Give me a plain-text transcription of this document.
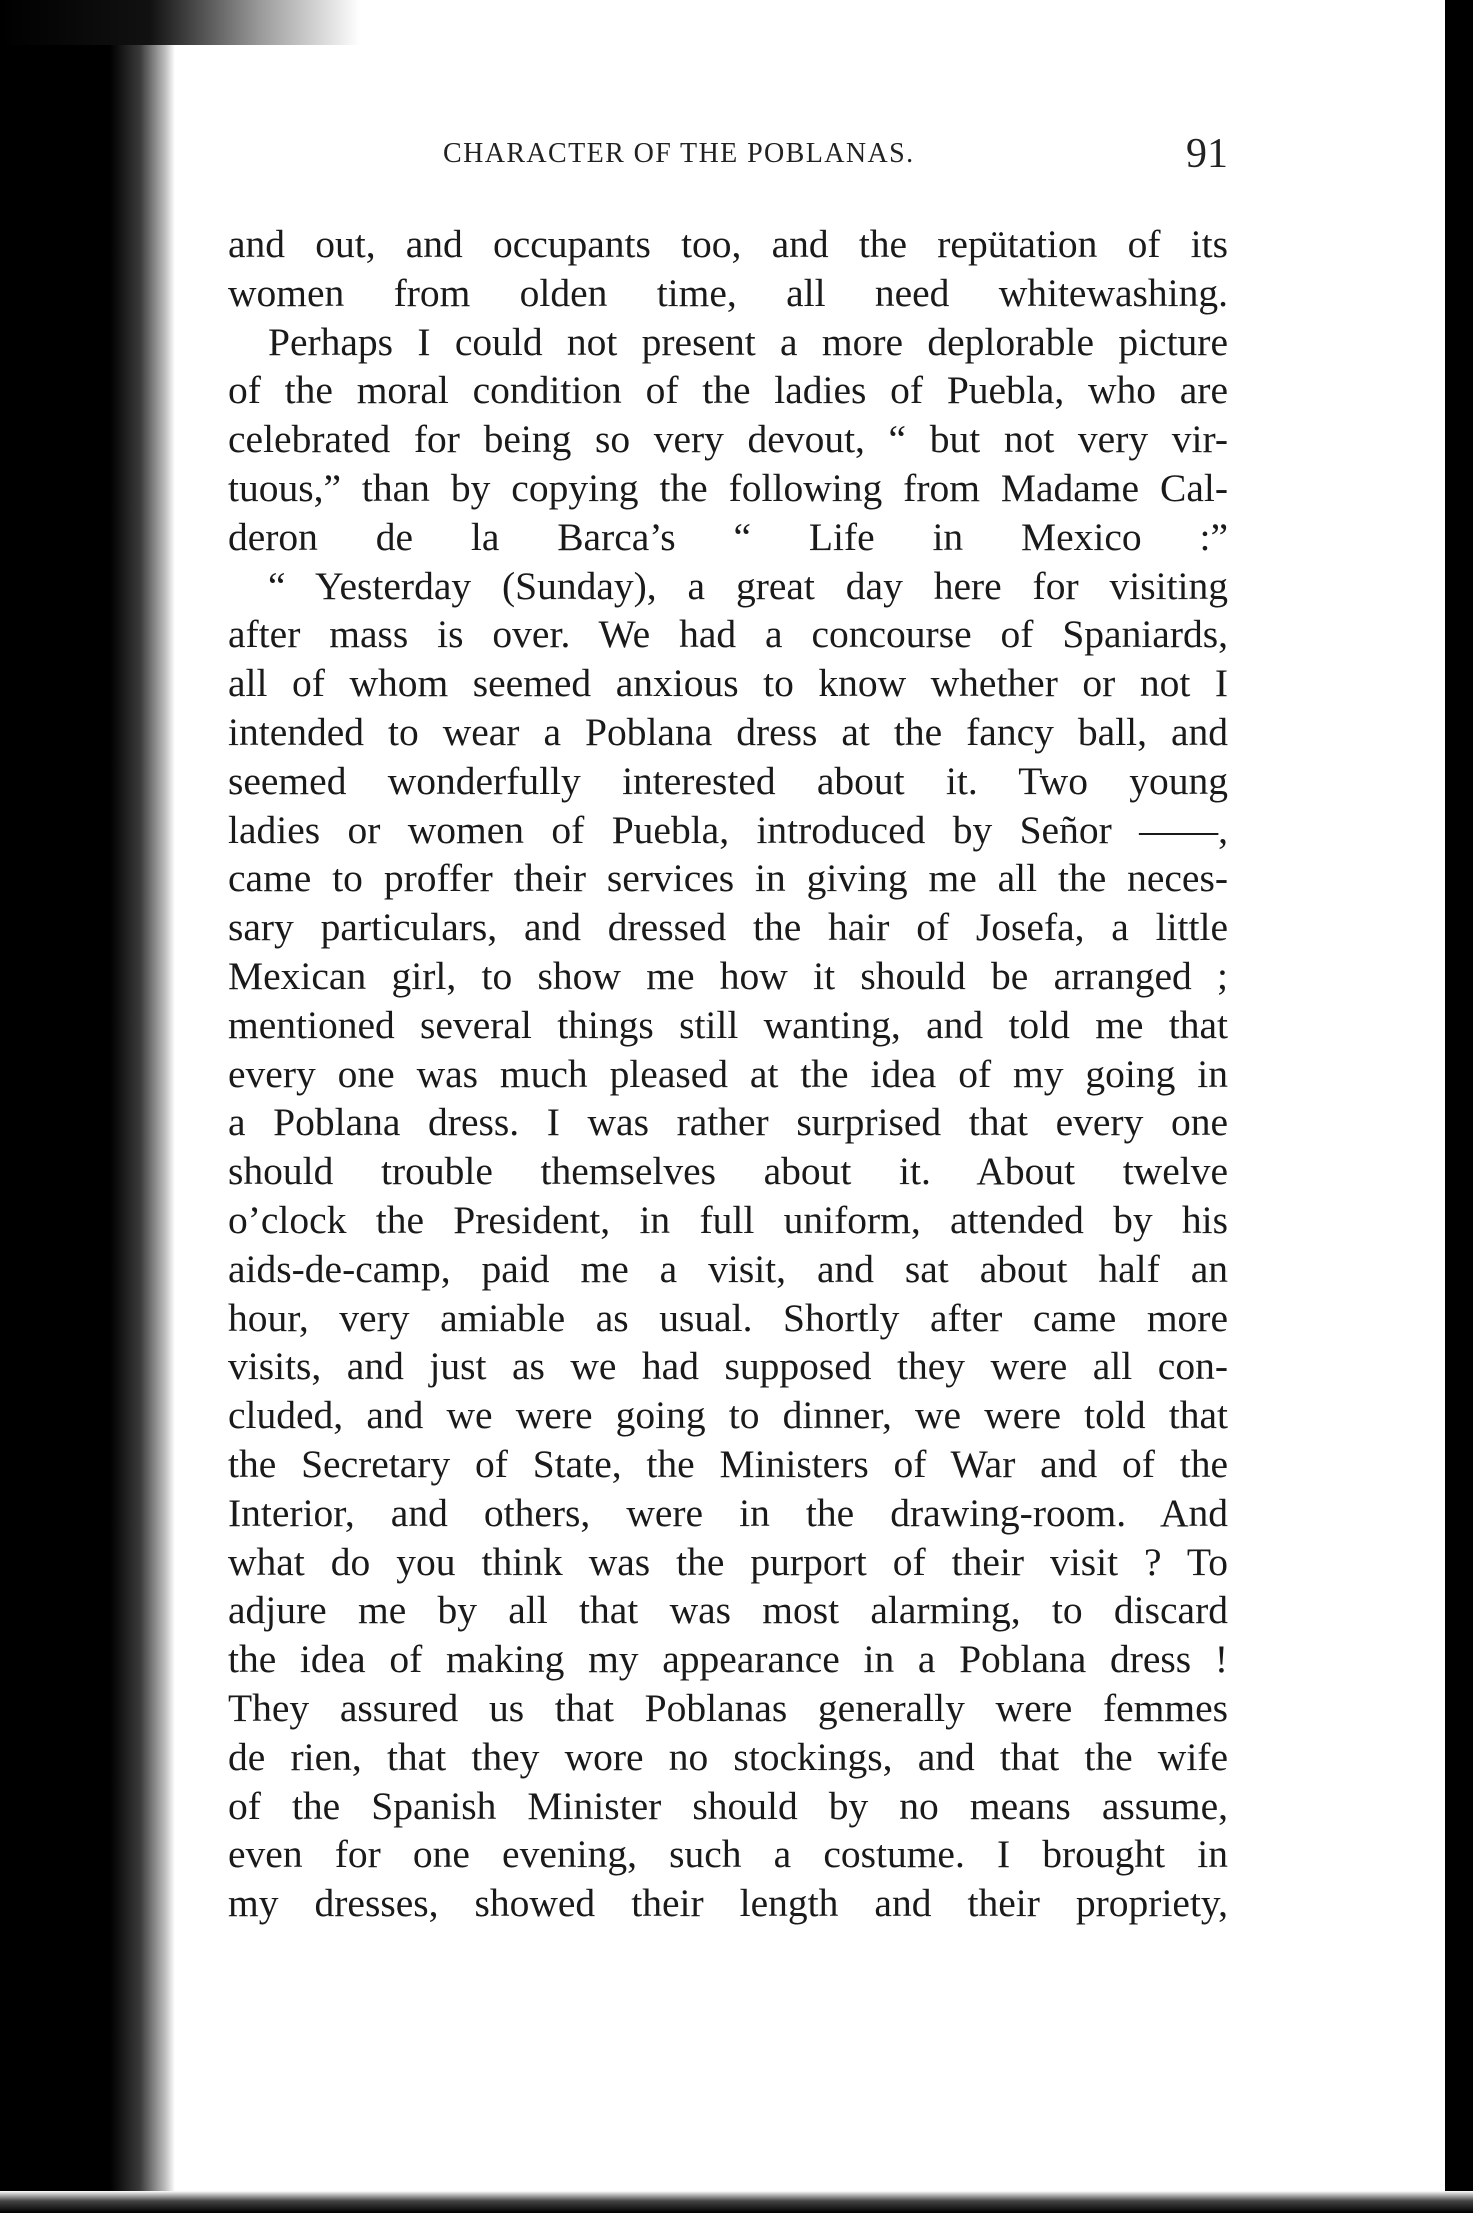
CHARACTER OF THE POBLANAS.	91
and out, and occupants too, and the repütation of its
women from olden time, all need whitewashing.
Perhaps I could not present a more deplorable picture
of the moral condition of the ladies of Puebla, who are
celebrated for being so very devout, “ but not very vir-
tuous,” than by copying the following from Madame Cal-
deron de la Barca’s “ Life in Mexico :”
“ Yesterday (Sunday), a great day here for visiting
after mass is over. We had a concourse of Spaniards,
all of whom seemed anxious to know whether or not I
intended to wear a Poblana dress at the fancy ball, and
seemed wonderfully interested about it. Two young
ladies or women of Puebla, introduced by Señor ——,
came to proffer their services in giving me all the neces-
sary particulars, and dressed the hair of Josefa, a little
Mexican girl, to show me how it should be arranged ;
mentioned several things still wanting, and told me that
every one was much pleased at the idea of my going in
a Poblana dress. I was rather surprised that every one
should trouble themselves about it. About twelve
o’clock the President, in full uniform, attended by his
aids-de-camp, paid me a visit, and sat about half an
hour, very amiable as usual. Shortly after came more
visits, and just as we had supposed they were all con-
cluded, and we were going to dinner, we were told that
the Secretary of State, the Ministers of War and of the
Interior, and others, were in the drawing-room. And
what do you think was the purport of their visit ? To
adjure me by all that was most alarming, to discard
the idea of making my appearance in a Poblana dress !
They assured us that Poblanas generally were femmes
de rien, that they wore no stockings, and that the wife
of the Spanish Minister should by no means assume,
even for one evening, such a costume. I brought in
my dresses, showed their length and their propriety,
